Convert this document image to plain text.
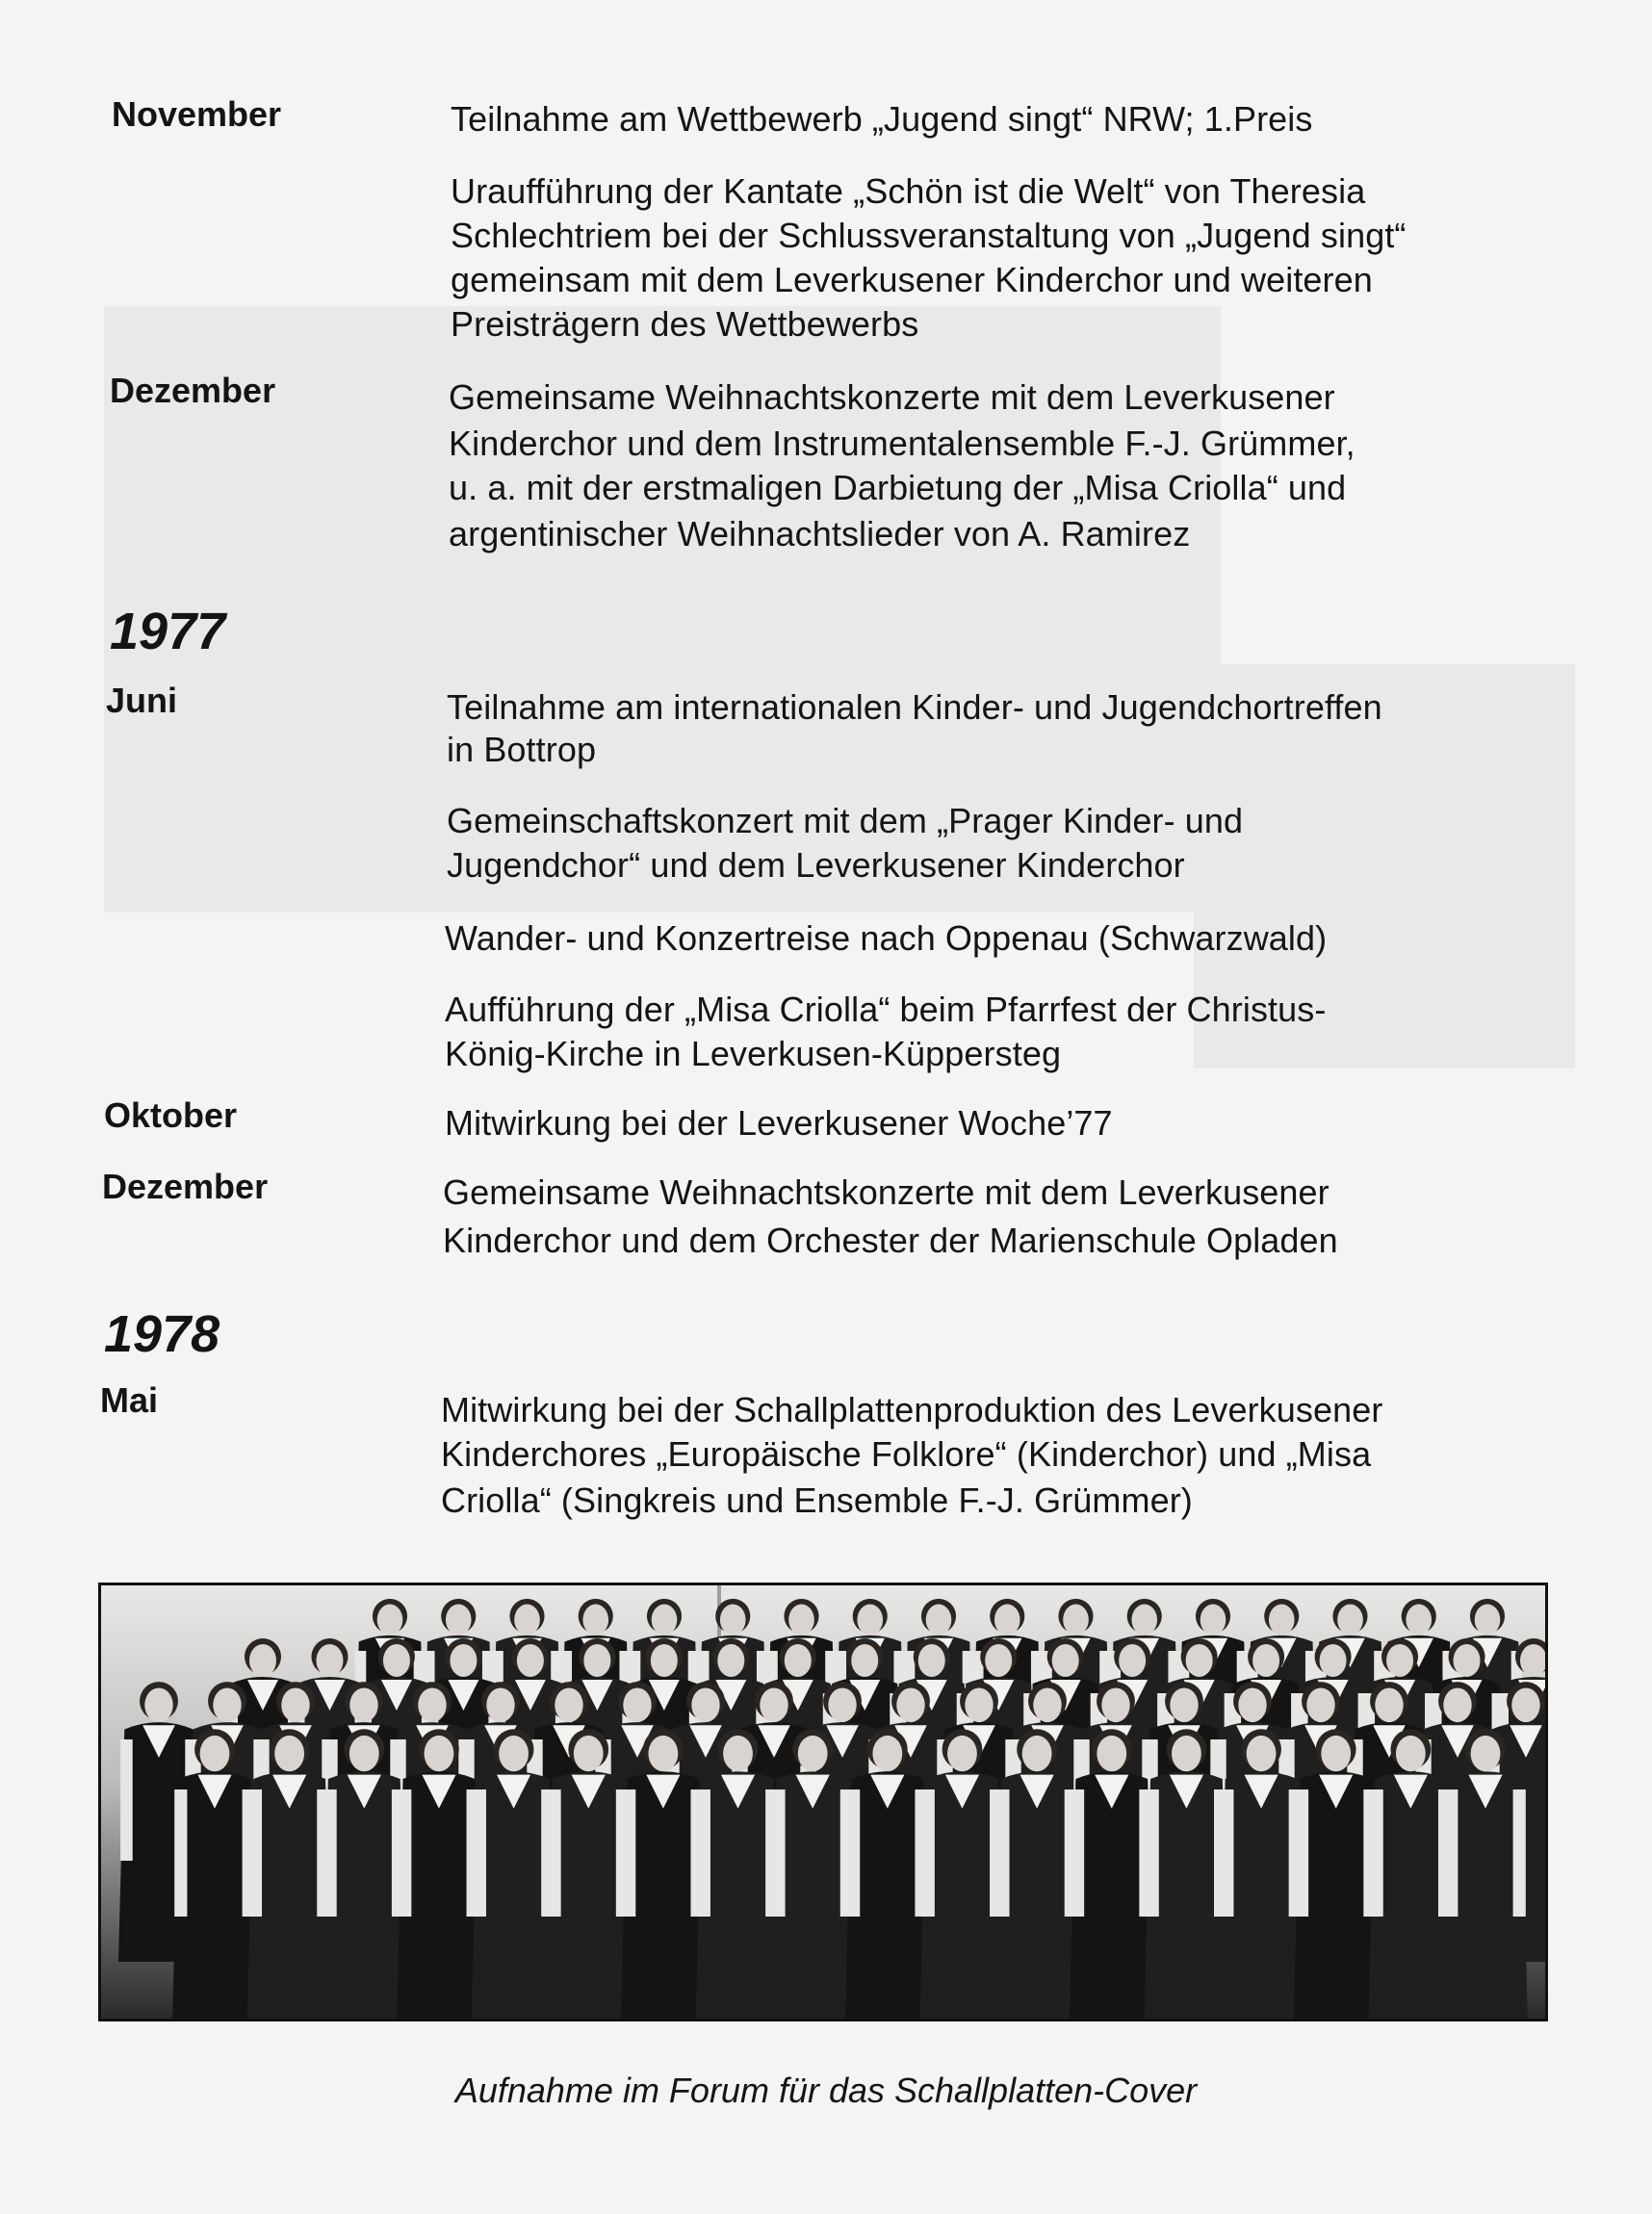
November	Teilnahme am Wettbewerb „Jugend singt“ NRW; 1.Preis
Uraufführung der Kantate „Schön ist die Welt“ von Theresia
Schlechtriem bei der Schlussveranstaltung von „Jugend singt“
gemeinsam mit dem Leverkusener Kinderchor und weiteren
Preisträgern des Wettbewerbs
Dezember	Gemeinsame Weihnachtskonzerte mit dem Leverkusener
Kinderchor und dem Instrumentalensemble F.-J. Grümmer,
u. a. mit der erstmaligen Darbietung der „Misa Criolla“ und
argentinischer Weihnachtslieder von A. Ramirez
1977
Juni	Teilnahme am internationalen Kinder- und Jugendchortreffen
in Bottrop
Gemeinschaftskonzert mit dem „Prager Kinder- und
Jugendchor“ und dem Leverkusener Kinderchor
Wander- und Konzertreise nach Oppenau (Schwarzwald)
Aufführung der „Misa Criolla“ beim Pfarrfest der Christus-
König-Kirche in Leverkusen-Küppersteg
Oktober	Mitwirkung bei der Leverkusener Woche’77
Dezember	Gemeinsame Weihnachtskonzerte mit dem Leverkusener
Kinderchor und dem Orchester der Marienschule Opladen
1978
Mai	Mitwirkung bei der Schallplattenproduktion des Leverkusener
Kinderchores „Europäische Folklore“ (Kinderchor) und „Misa
Criolla“ (Singkreis und Ensemble F.-J. Grümmer)
Aufnahme im Forum für das Schallplatten-Cover
